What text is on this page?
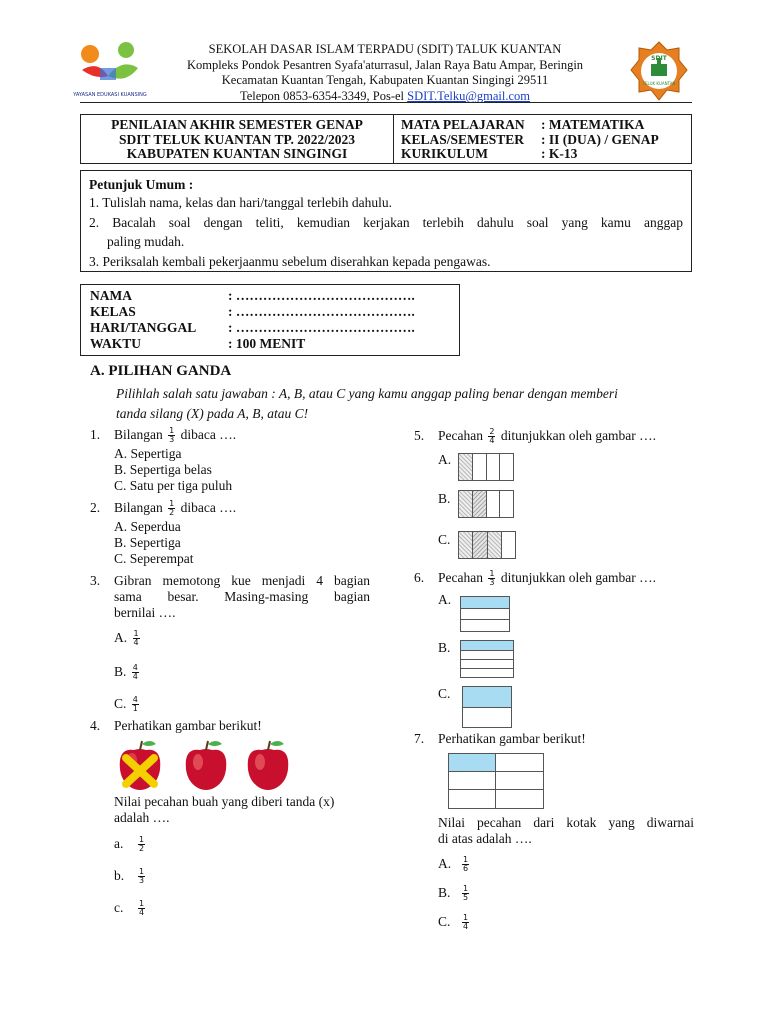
YAYASAN EDUKASI KUANSING
SDIT
TELUK KUANTAN
SEKOLAH DASAR ISLAM TERPADU (SDIT) TALUK KUANTAN
Kompleks Pondok Pesantren Syafa'aturrasul, Jalan Raya Batu Ampar, Beringin
Kecamatan Kuantan Tengah, Kabupaten Kuantan Singingi 29511
Telepon 0853-6354-3349, Pos-el SDIT.Telku@gmail.com
PENILAIAN AKHIR SEMESTER GENAP
SDIT TELUK KUANTAN TP. 2022/2023
KABUPATEN KUANTAN SINGINGI
MATA PELAJARAN : MATEMATIKA
KELAS/SEMESTER : II (DUA) / GENAP
KURIKULUM	: K-13
Petunjuk Umum :
1. Tulislah nama, kelas dan hari/tanggal terlebih dahulu.
2. Bacalah soal dengan teliti, kemudian kerjakan terlebih dahulu soal yang kamu anggap
paling mudah.
3. Periksalah kembali pekerjaanmu sebelum diserahkan kepada pengawas.
NAMA	: ………………………………….
KELAS	: ………………………………….
HARI/TANGGAL : ………………………………….
WAKTU	: 100 MENIT
A. PILIHAN GANDA
Pilihlah salah satu jawaban : A, B, atau C yang kamu anggap paling benar dengan memberi
tanda silang (X) pada A, B, atau C!
1. Bilangan $\frac{1}{3}$ dibaca ….
A. Sepertiga
B. Sepertiga belas
C. Satu per tiga puluh
2. Bilangan $\frac{1}{2}$ dibaca ….
A. Seperdua
B. Sepertiga
C. Seperempat
3.	Gibran memotong kue menjadi 4 bagian
sama besar. Masing-masing bagian
bernilai ….
A. $\frac{1}{4}$
B. $\frac{4}{4}$
C. $\frac{4}{1}$
4. Perhatikan gambar berikut!
Nilai pecahan buah yang diberi tanda (x)
adalah ….
a. $\frac{1}{2}$
b. $\frac{1}{3}$
c. $\frac{1}{4}$
5. Pecahan $\frac{2}{4}$ ditunjukkan oleh gambar ….
A.
B.
C.
6. Pecahan $\frac{1}{3}$ ditunjukkan oleh gambar ….
A.
B.
C.
7. Perhatikan gambar berikut!
Nilai pecahan dari kotak yang diwarnai
di atas adalah ….
A. $\frac{1}{6}$
B. $\frac{1}{5}$
C. $\frac{1}{4}$
